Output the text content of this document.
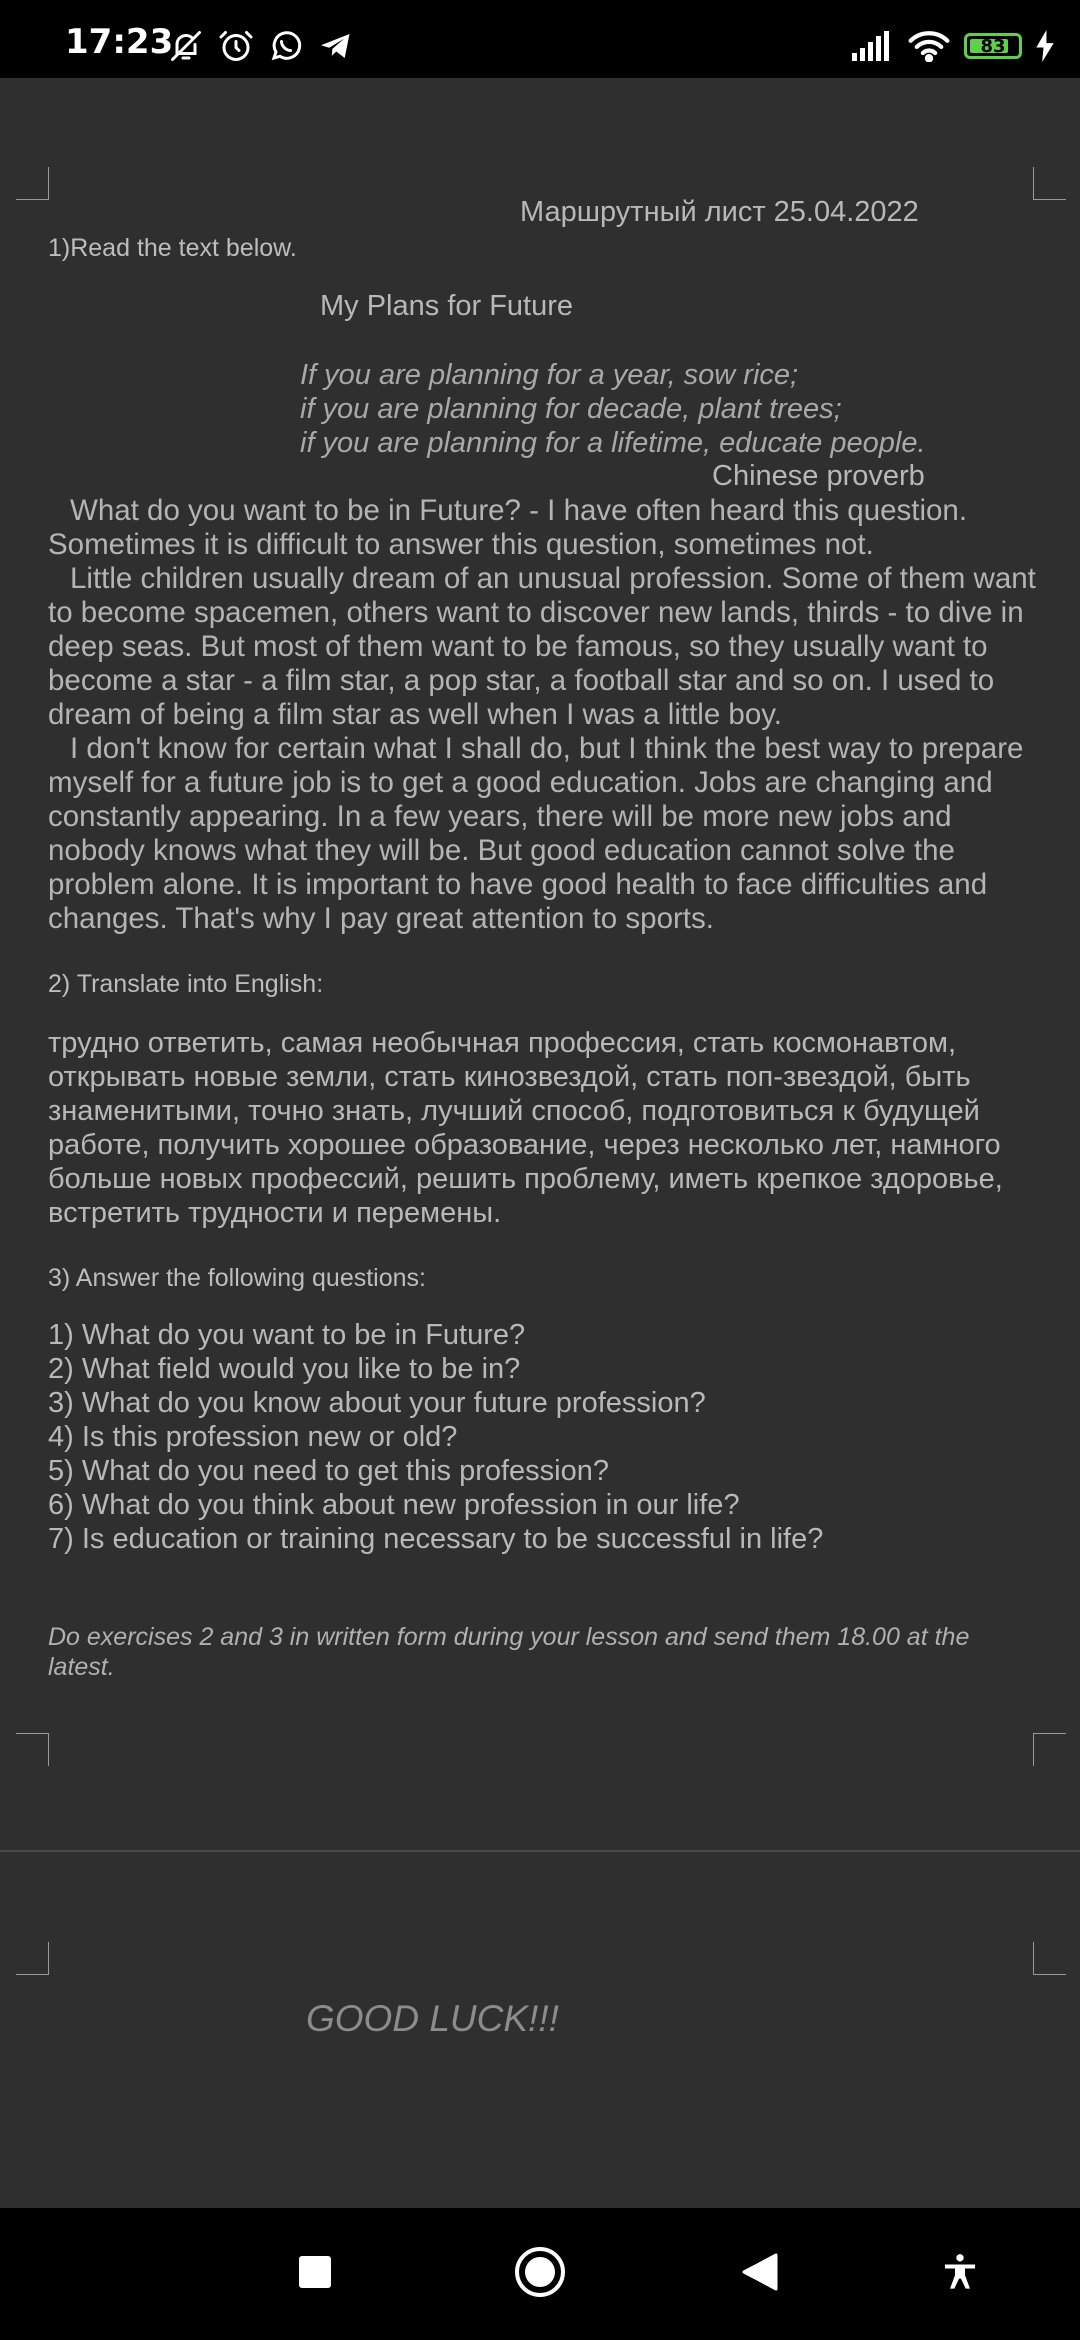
17:23	83
Маршрутный лист 25.04.2022
1)Read the text below.
My Plans for Future
If you are planning for a year, sow rice;
if you are planning for decade, plant trees;
if you are planning for a lifetime, educate people.
Chinese proverb

What do you want to be in Future? - I have often heard this question. Sometimes it is difficult to answer this question, sometimes not.

Little children usually dream of an unusual profession. Some of them want to become spacemen, others want to discover new lands, thirds - to dive in deep seas. But most of them want to be famous, so they usually want to become a star - a film star, a pop star, a football star and so on. I used to dream of being a film star as well when I was a little boy.

I don't know for certain what I shall do, but I think the best way to prepare myself for a future job is to get a good education. Jobs are changing and constantly appearing. In a few years, there will be more new jobs and nobody knows what they will be. But good education cannot solve the problem alone. It is important to have good health to face difficulties and changes. That's why I pay great attention to sports.

2) Translate into English:
трудно ответить, самая необычная профессия, стать космонавтом, открывать новые земли, стать кинозвездой, стать поп-звездой, быть знаменитыми, точно знать, лучший способ, подготовиться к будущей работе, получить хорошее образование, через несколько лет, намного больше новых профессий, решить проблему, иметь крепкое здоровье, встретить трудности и перемены.
3) Answer the following questions:
1) What do you want to be in Future?
2) What field would you like to be in?
3) What do you know about your future profession?
4) Is this profession new or old?
5) What do you need to get this profession?
6) What do you think about new profession in our life?
7) Is education or training necessary to be successful in life?
Do exercises 2 and 3 in written form during your lesson and send them 18.00 at the latest.
GOOD LUCK!!!
